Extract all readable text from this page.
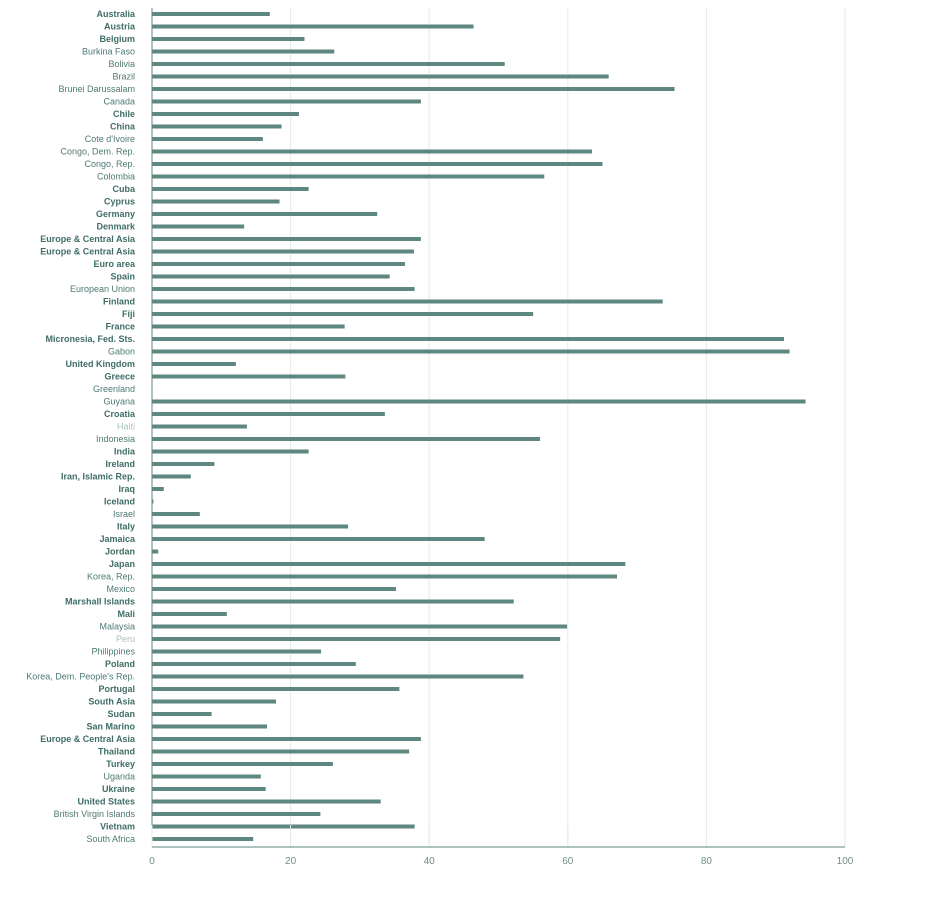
Australia
Austria
Belgium
Burkina Faso
Bolivia
Brazil
Brunei Darussalam
Canada
Chile
China
Cote d'Ivoire
Congo, Dem. Rep.
Congo, Rep.
Colombia
Cuba
Cyprus
Germany
Denmark
Europe & Central Asia
Europe & Central Asia
Euro area
Spain
European Union
Finland
Fiji
France
Micronesia, Fed. Sts.
Gabon
United Kingdom
Greece
Greenland
Guyana
Croatia
Haiti
Indonesia
India
Ireland
Iran, Islamic Rep.
Iraq
Iceland
Israel
Italy
Jamaica
Jordan
Japan
Korea, Rep.
Mexico
Marshall Islands
Mali
Malaysia
Peru
Philippines
Poland
Korea, Dem. People's Rep.
Portugal
South Asia
Sudan
San Marino
Europe & Central Asia
Thailand
Turkey
Uganda
Ukraine
United States
British Virgin Islands
Vietnam
South Africa
0	20	40	60	80	100
